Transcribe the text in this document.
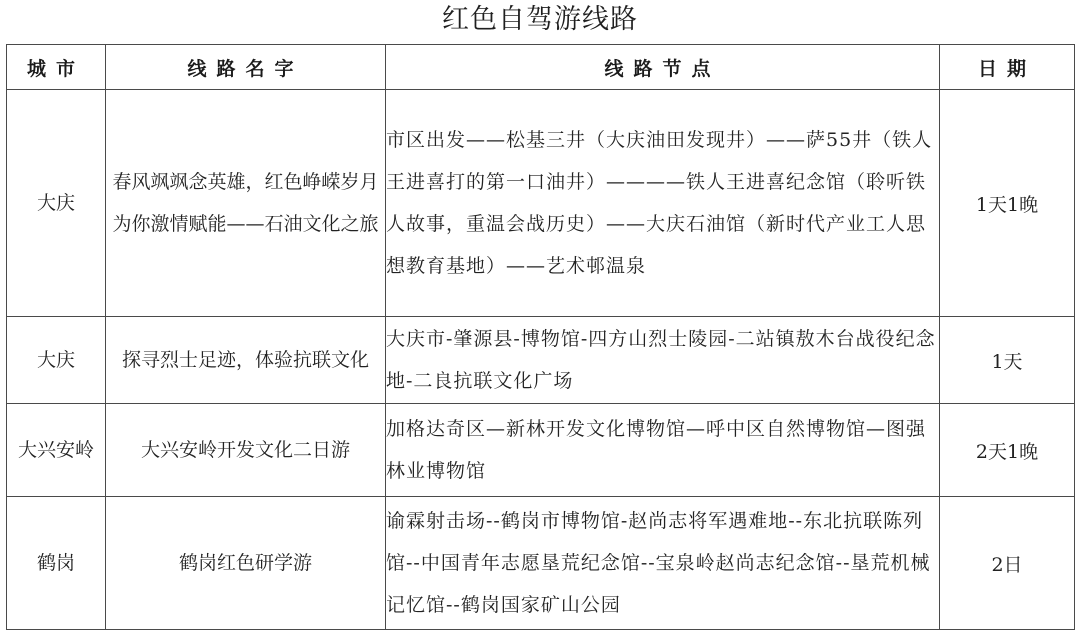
红色自驾游线路
城市	线路名字	线路节点	日期
大庆	春风飒飒念英雄，红色峥嵘岁月为你激情赋能——石油文化之旅	市区出发——松基三井（大庆油田发现井）——萨55井（铁人王进喜打的第一口油井）————铁人王进喜纪念馆（聆听铁人故事，重温会战历史）——大庆石油馆（新时代产业工人思想教育基地）——艺术邨温泉	1天1晚
大庆	探寻烈士足迹，体验抗联文化	大庆市-肇源县-博物馆-四方山烈士陵园-二站镇敖木台战役纪念地-二良抗联文化广场	1天
大兴安岭	大兴安岭开发文化二日游	加格达奇区—新林开发文化博物馆—呼中区自然博物馆—图强林业博物馆	2天1晚
鹤岗	鹤岗红色研学游	谕霖射击场--鹤岗市博物馆-赵尚志将军遇难地--东北抗联陈列馆--中国青年志愿垦荒纪念馆--宝泉岭赵尚志纪念馆--垦荒机械记忆馆--鹤岗国家矿山公园	2日
